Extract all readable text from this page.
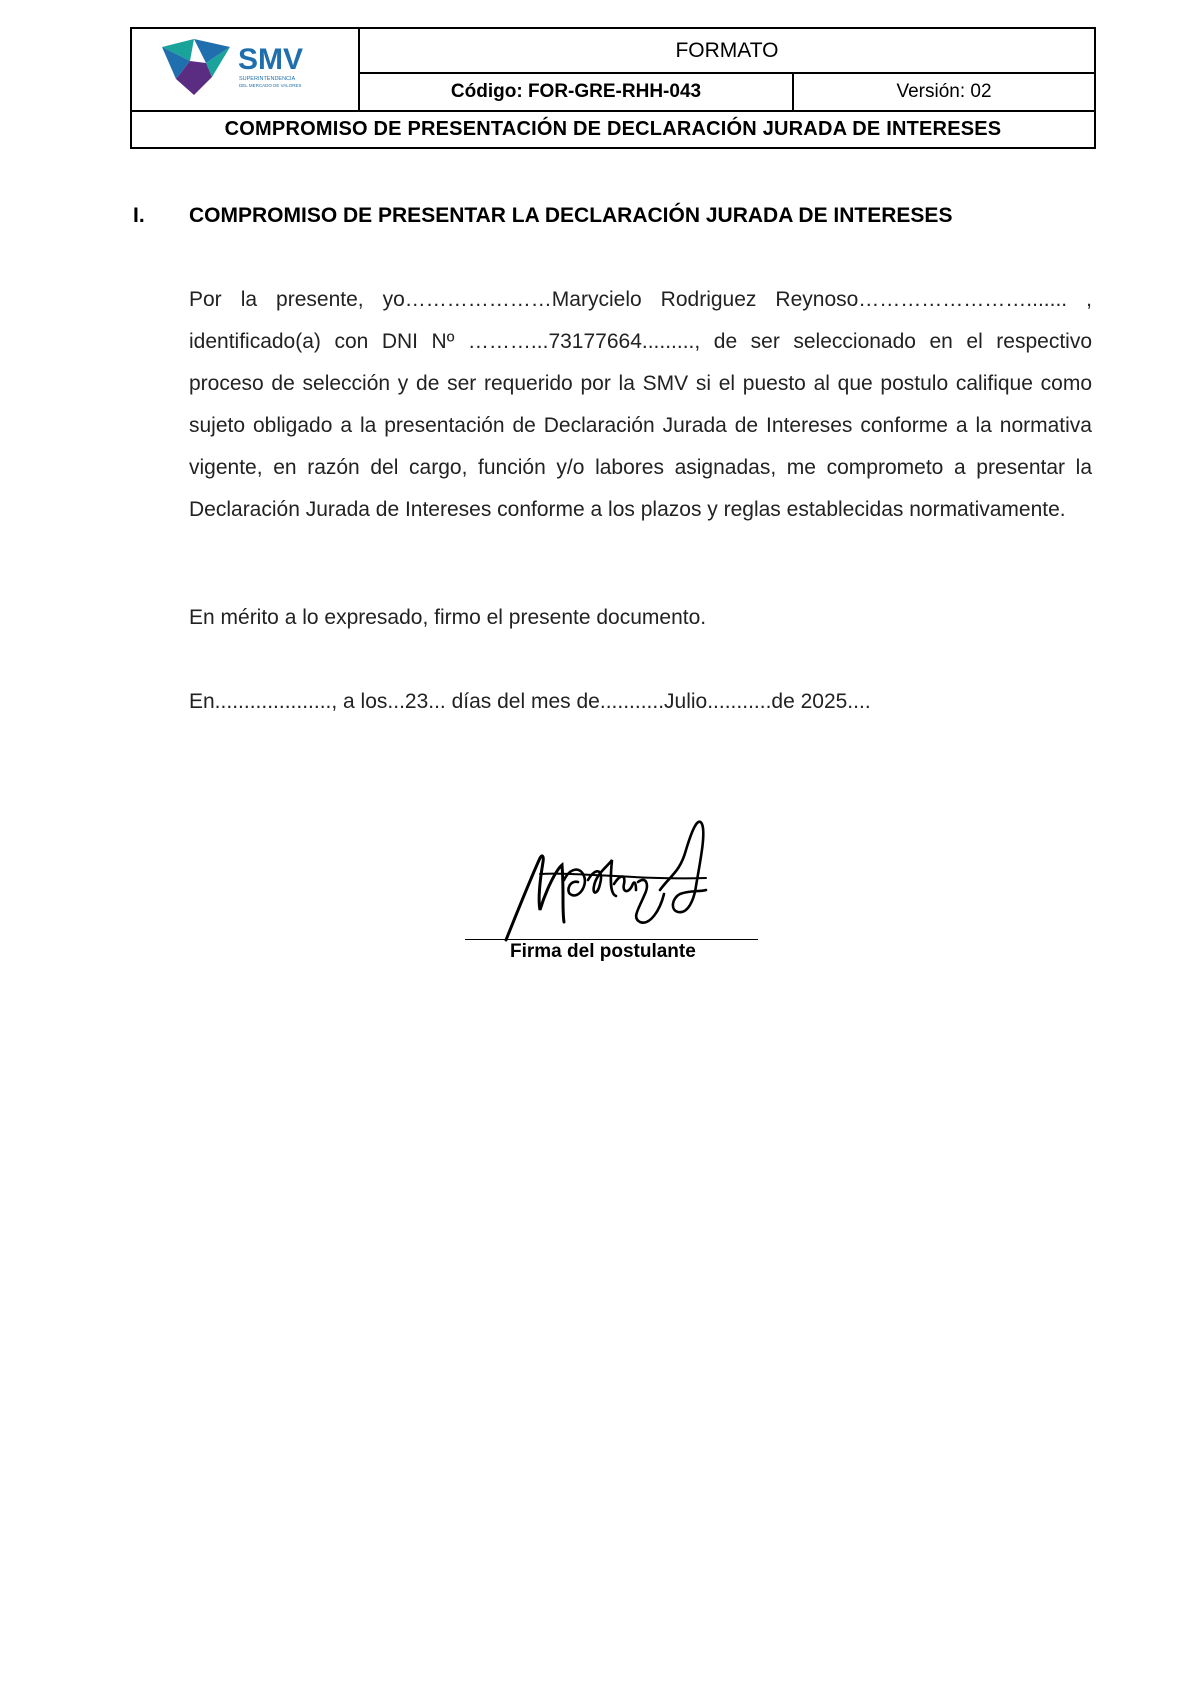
SMV
SUPERINTENDENCIA
DEL MERCADO DE VALORES
FORMATO
Código: FOR-GRE-RHH-043	Versión: 02
COMPROMISO DE PRESENTACIÓN DE DECLARACIÓN JURADA DE INTERESES
I. COMPROMISO DE PRESENTAR LA DECLARACIÓN JURADA DE INTERESES
Por la presente, yo…………………Marycielo Rodriguez Reynoso……………………....... , identificado(a) con DNI Nº ………...73177664........., de ser seleccionado en el respectivo proceso de selección y de ser requerido por la SMV si el puesto al que postulo califique como sujeto obligado a la presentación de Declaración Jurada de Intereses conforme a la normativa vigente, en razón del cargo, función y/o labores asignadas, me comprometo a presentar la Declaración Jurada de Intereses conforme a los plazos y reglas establecidas normativamente.
En mérito a lo expresado, firmo el presente documento.
En...................., a los...23... días del mes de...........Julio...........de 2025....
Firma del postulante
